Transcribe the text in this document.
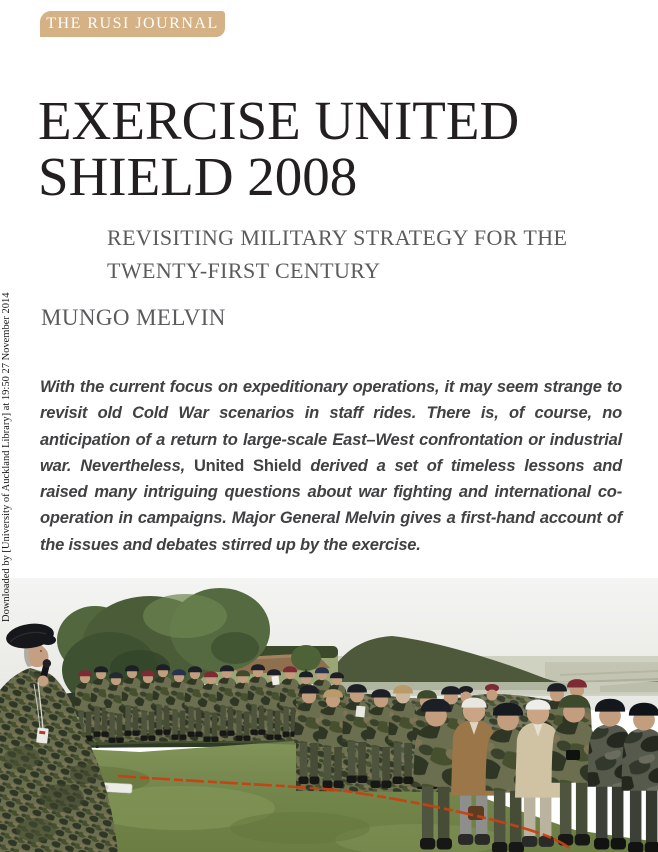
THE RUSI JOURNAL
EXERCISE UNITED
SHIELD 2008
REVISITING MILITARY STRATEGY FOR THE
TWENTY-FIRST CENTURY
MUNGO MELVIN

With the current focus on expeditionary operations, it may seem strange to revisit old Cold War scenarios in staff rides. There is, of course, no anticipation of a return to large-scale East–West confrontation or industrial war. Nevertheless, United Shield derived a set of timeless lessons and raised many intriguing questions about war fighting and international co-operation in campaigns. Major General Melvin gives a first-hand account of the issues and debates stirred up by the exercise.

Downloaded by [University of Auckland Library] at 19:50 27 November 2014
